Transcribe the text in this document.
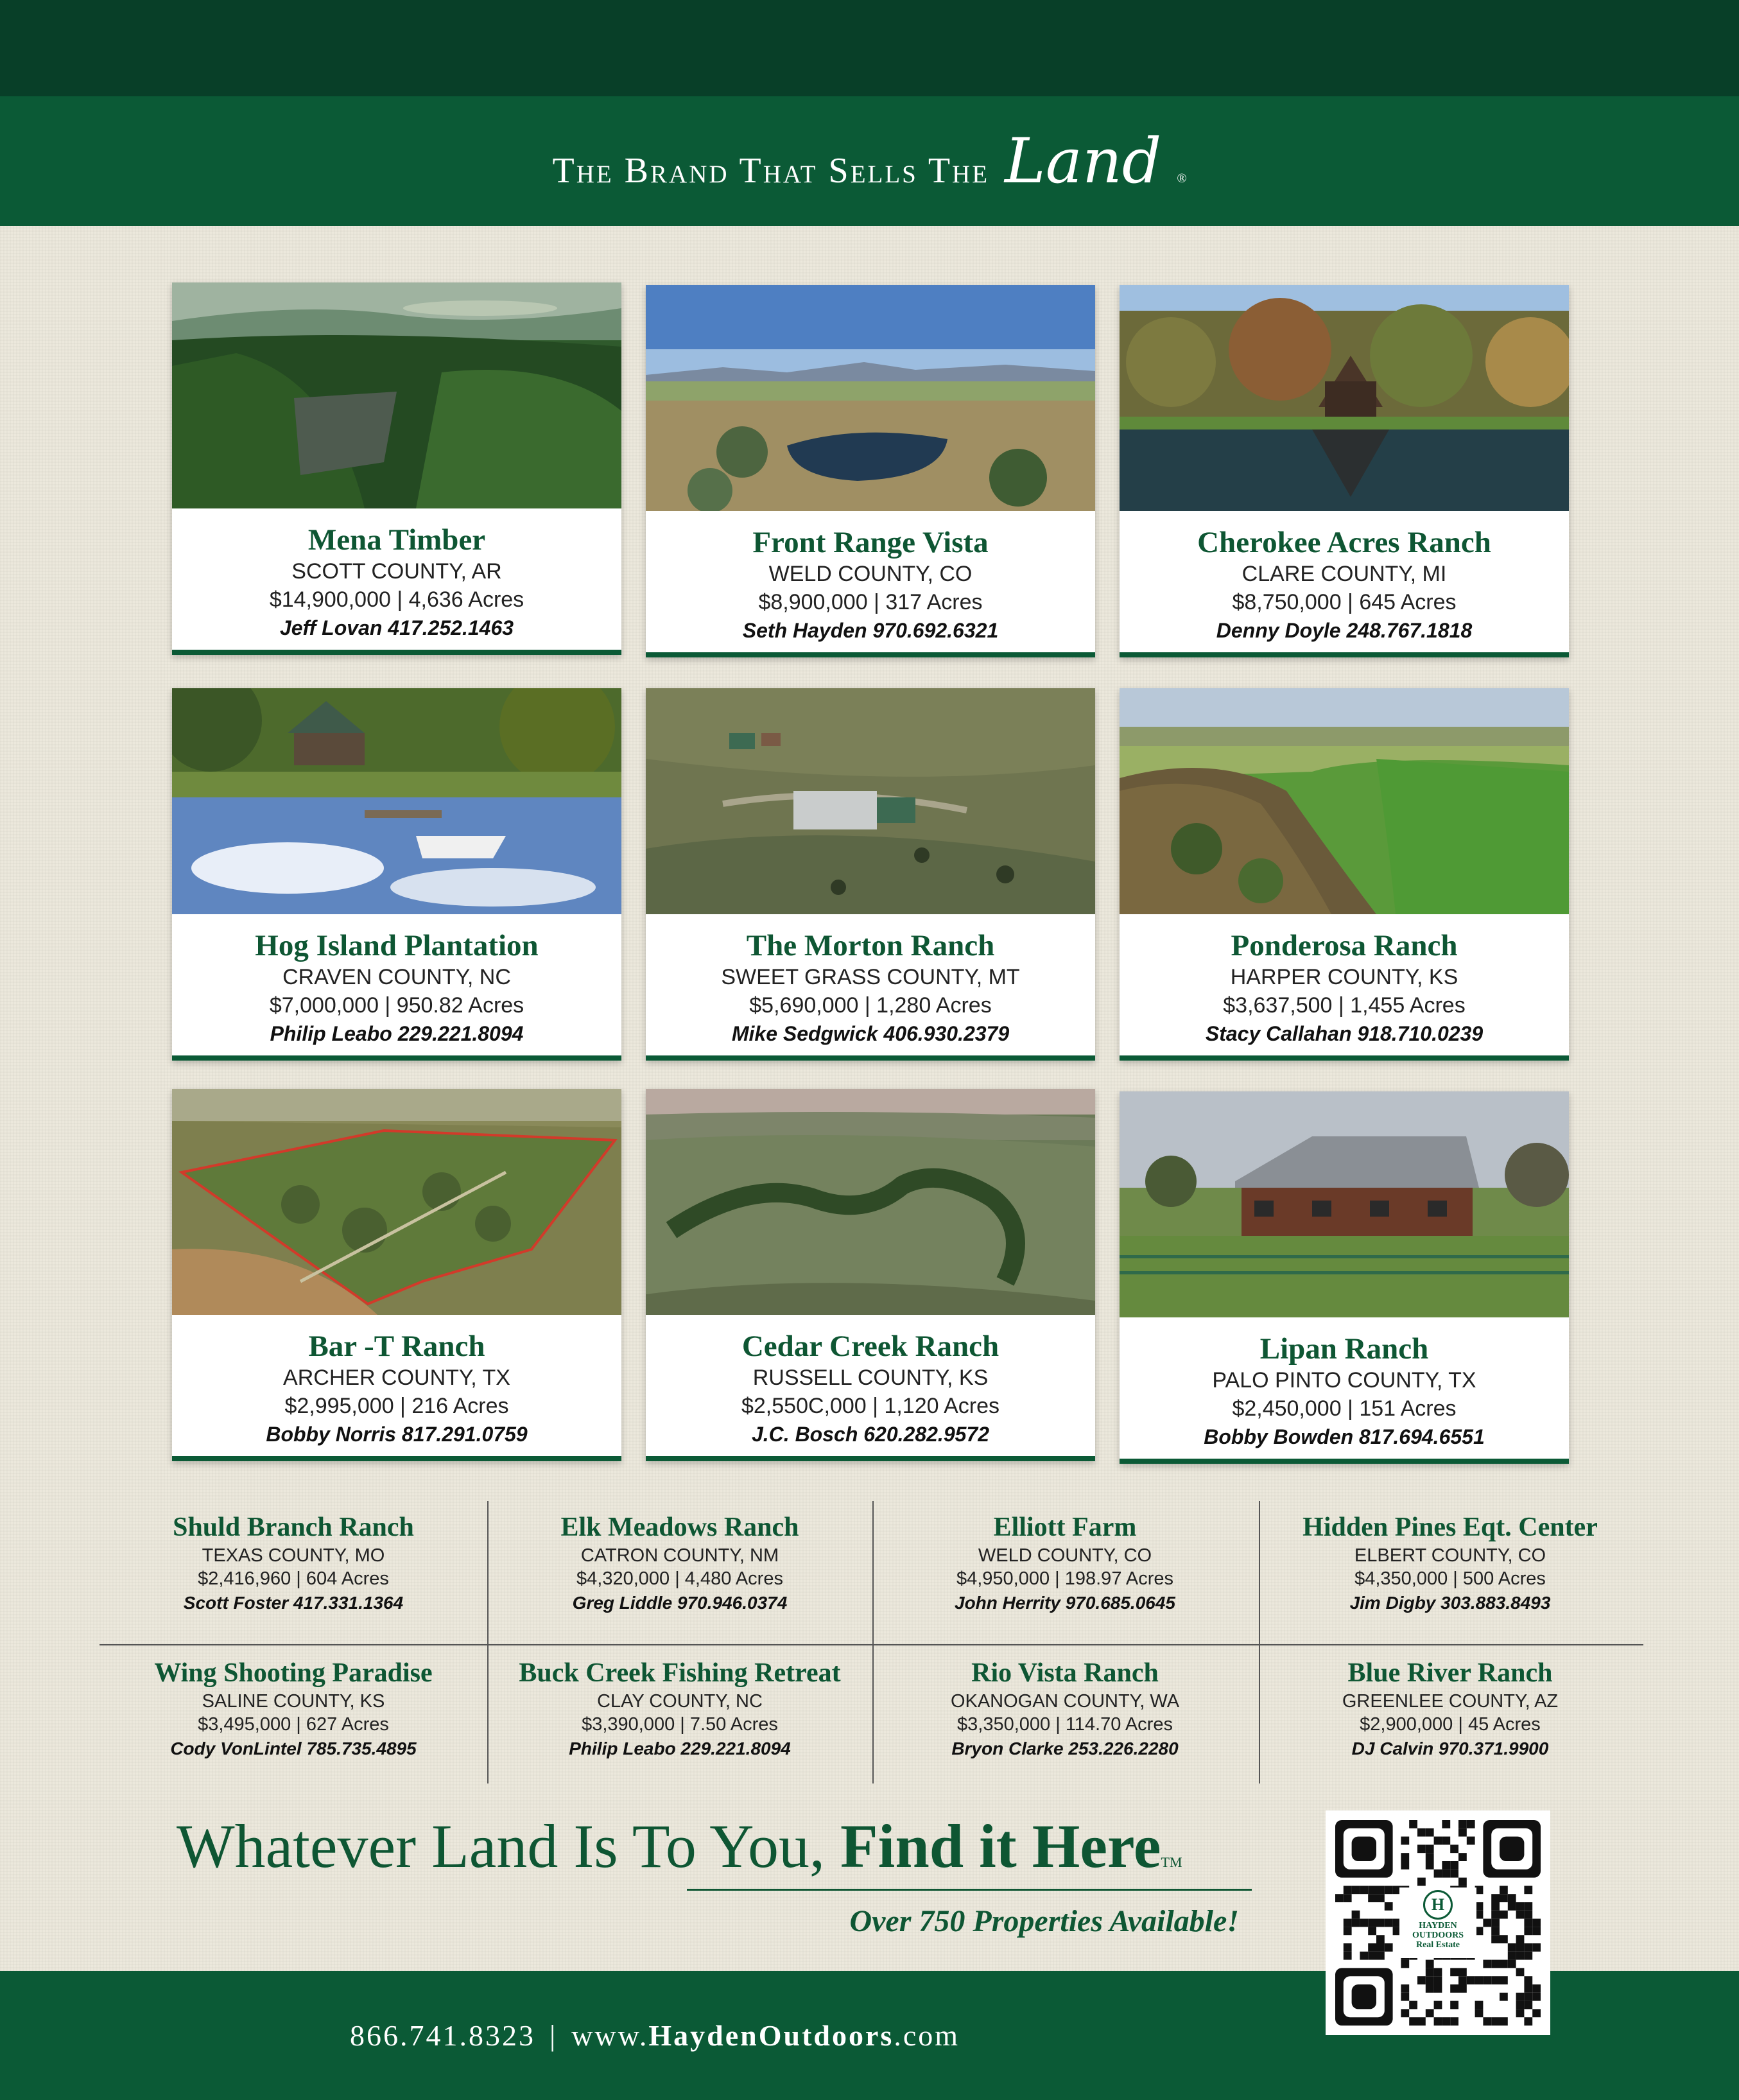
The Brand That Sells The Land ®
Mena Timber
SCOTT COUNTY, AR
$14,900,000 | 4,636 Acres
Jeff Lovan 417.252.1463
Front Range Vista
WELD COUNTY, CO
$8,900,000 | 317 Acres
Seth Hayden 970.692.6321
Cherokee Acres Ranch
CLARE COUNTY, MI
$8,750,000 | 645 Acres
Denny Doyle 248.767.1818
Hog Island Plantation
CRAVEN COUNTY, NC
$7,000,000 | 950.82 Acres
Philip Leabo 229.221.8094
The Morton Ranch
SWEET GRASS COUNTY, MT
$5,690,000 | 1,280 Acres
Mike Sedgwick 406.930.2379
Ponderosa Ranch
HARPER COUNTY, KS
$3,637,500 | 1,455 Acres
Stacy Callahan 918.710.0239
Bar -T Ranch
ARCHER COUNTY, TX
$2,995,000 | 216 Acres
Bobby Norris 817.291.0759
Cedar Creek Ranch
RUSSELL COUNTY, KS
$2,550C,000 | 1,120 Acres
J.C. Bosch 620.282.9572
Lipan Ranch
PALO PINTO COUNTY, TX
$2,450,000 | 151 Acres
Bobby Bowden 817.694.6551
Shuld Branch Ranch
TEXAS COUNTY, MO
$2,416,960 | 604 Acres
Scott Foster 417.331.1364
Elk Meadows Ranch
CATRON COUNTY, NM
$4,320,000 | 4,480 Acres
Greg Liddle 970.946.0374
Elliott Farm
WELD COUNTY, CO
$4,950,000 | 198.97 Acres
John Herrity 970.685.0645
Hidden Pines Eqt. Center
ELBERT COUNTY, CO
$4,350,000 | 500 Acres
Jim Digby 303.883.8493
Wing Shooting Paradise
SALINE COUNTY, KS
$3,495,000 | 627 Acres
Cody VonLintel 785.735.4895
Buck Creek Fishing Retreat
CLAY COUNTY, NC
$3,390,000 | 7.50 Acres
Philip Leabo 229.221.8094
Rio Vista Ranch
OKANOGAN COUNTY, WA
$3,350,000 | 114.70 Acres
Bryon Clarke 253.226.2280
Blue River Ranch
GREENLEE COUNTY, AZ
$2,900,000 | 45 Acres
DJ Calvin 970.371.9900
Whatever Land Is To You, Find it HereTM
Over 750 Properties Available!
866.741.8323 | www. HaydenOutdoors .com
H
HAYDEN
OUTDOORS
Real Estate
